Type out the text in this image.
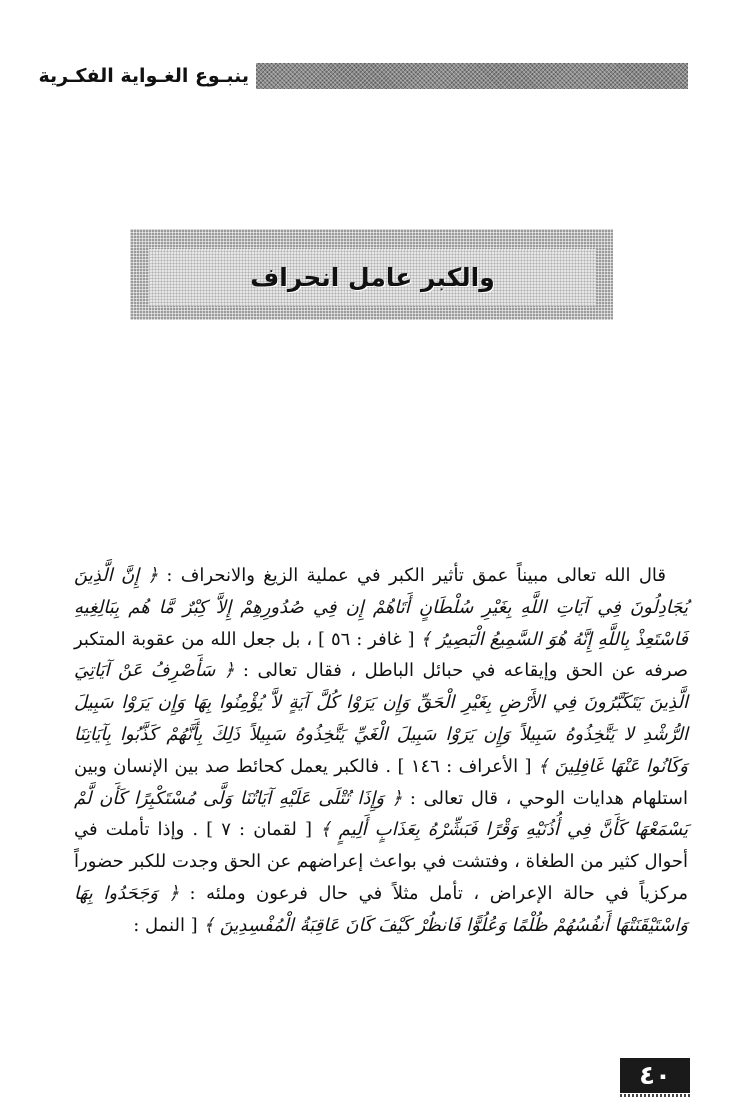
ينبـوع الغـواية الفكـرية
والكبر عامل انحراف

قال الله تعالى مبيناً عمق تأثير الكبر في عملية الزيغ والانحراف : ﴿ إِنَّ الَّذِينَ يُجَادِلُونَ فِي آيَاتِ اللَّهِ بِغَيْرِ سُلْطَانٍ أَتَاهُمْ إِن فِي صُدُورِهِمْ إِلاَّ كِبْرٌ مَّا هُم بِبَالِغِيهِ فَاسْتَعِذْ بِاللَّهِ إِنَّهُ هُوَ السَّمِيعُ الْبَصِيرُ ﴾ [ غافر : ٥٦ ] ، بل جعل الله من عقوبة المتكبر صرفه عن الحق وإيقاعه في حبائل الباطل ، فقال تعالى : ﴿ سَأَصْرِفُ عَنْ آيَاتِيَ الَّذِينَ يَتَكَبَّرُونَ فِي الأَرْضِ بِغَيْرِ الْحَقِّ وَإِن يَرَوْا كُلَّ آيَةٍ لاَّ يُؤْمِنُوا بِهَا وَإِن يَرَوْا سَبِيلَ الرُّشْدِ لا يَتَّخِذُوهُ سَبِيلاً وَإِن يَرَوْا سَبِيلَ الْغَيِّ يَتَّخِذُوهُ سَبِيلاً ذَلِكَ بِأَنَّهُمْ كَذَّبُوا بِآيَاتِنَا وَكَانُوا عَنْهَا غَافِلِينَ ﴾ [ الأعراف : ١٤٦ ] . فالكبر يعمل كحائط صد بين الإنسان وبين استلهام هدايات الوحي ، قال تعالى : ﴿ وَإِذَا تُتْلَى عَلَيْهِ آيَاتُنَا وَلَّى مُسْتَكْبِرًا كَأَن لَّمْ يَسْمَعْهَا كَأَنَّ فِي أُذُنَيْهِ وَقْرًا فَبَشِّرْهُ بِعَذَابٍ أَلِيمٍ ﴾ [ لقمان : ٧ ] . وإذا تأملت في أحوال كثير من الطغاة ، وفتشت في بواعث إعراضهم عن الحق وجدت للكبر حضوراً مركزياً في حالة الإعراض ، تأمل مثلاً في حال فرعون وملئه : ﴿ وَجَحَدُوا بِهَا وَاسْتَيْقَنَتْهَا أَنفُسُهُمْ ظُلْمًا وَعُلُوًّا فَانظُرْ كَيْفَ كَانَ عَاقِبَةُ الْمُفْسِدِينَ ﴾ [ النمل :

٤٠
